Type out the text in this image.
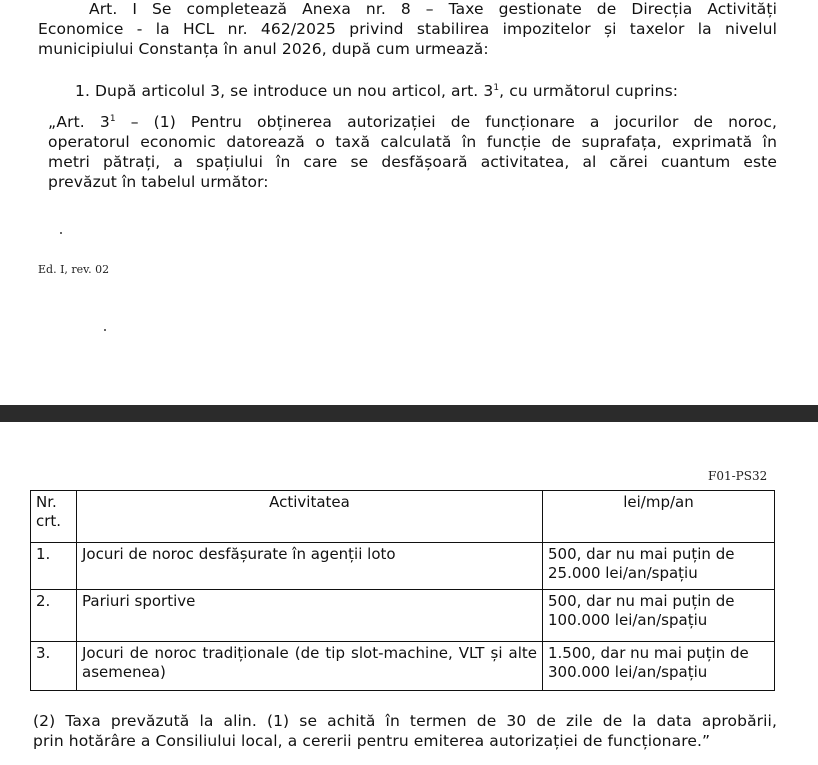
Art. I Se completează Anexa nr. 8 – Taxe gestionate de Direcția Activități

Economice - la HCL nr. 462/2025 privind stabilirea impozitelor și taxelor la nivelul

municipiului Constanța în anul 2026, după cum urmează:

1. După articolul 3, se introduce un nou articol, art. $3^1$, cu următorul cuprins:

„Art. $3^1 - (1)$ Pentru obținerea autorizației de funcționare a jocurilor de noroc,

operatorul economic datorează o taxă calculată în funcție de suprafața, exprimată în

metri pătrați, a spațiului în care se desfășoară activitatea, al cărei cuantum este

prevăzut în tabelul următor:

Ed. I, rev. 02
F01-PS32
Nr. crt.	Activitatea	lei/mp/an
1.	Jocuri de noroc desfășurate în agenții loto	500, dar nu mai puțin de 25.000 lei/an/spațiu
2.	Pariuri sportive	500, dar nu mai puțin de 100.000 lei/an/spațiu
3.	Jocuri de noroc tradiționale (de tip slot-machine, VLT și alte asemenea)	1.500, dar nu mai puțin de 300.000 lei/an/spațiu

(2) Taxa prevăzută la alin. (1) se achită în termen de 30 de zile de la data aprobării,

prin hotărâre a Consiliului local, a cererii pentru emiterea autorizației de funcționare.”
